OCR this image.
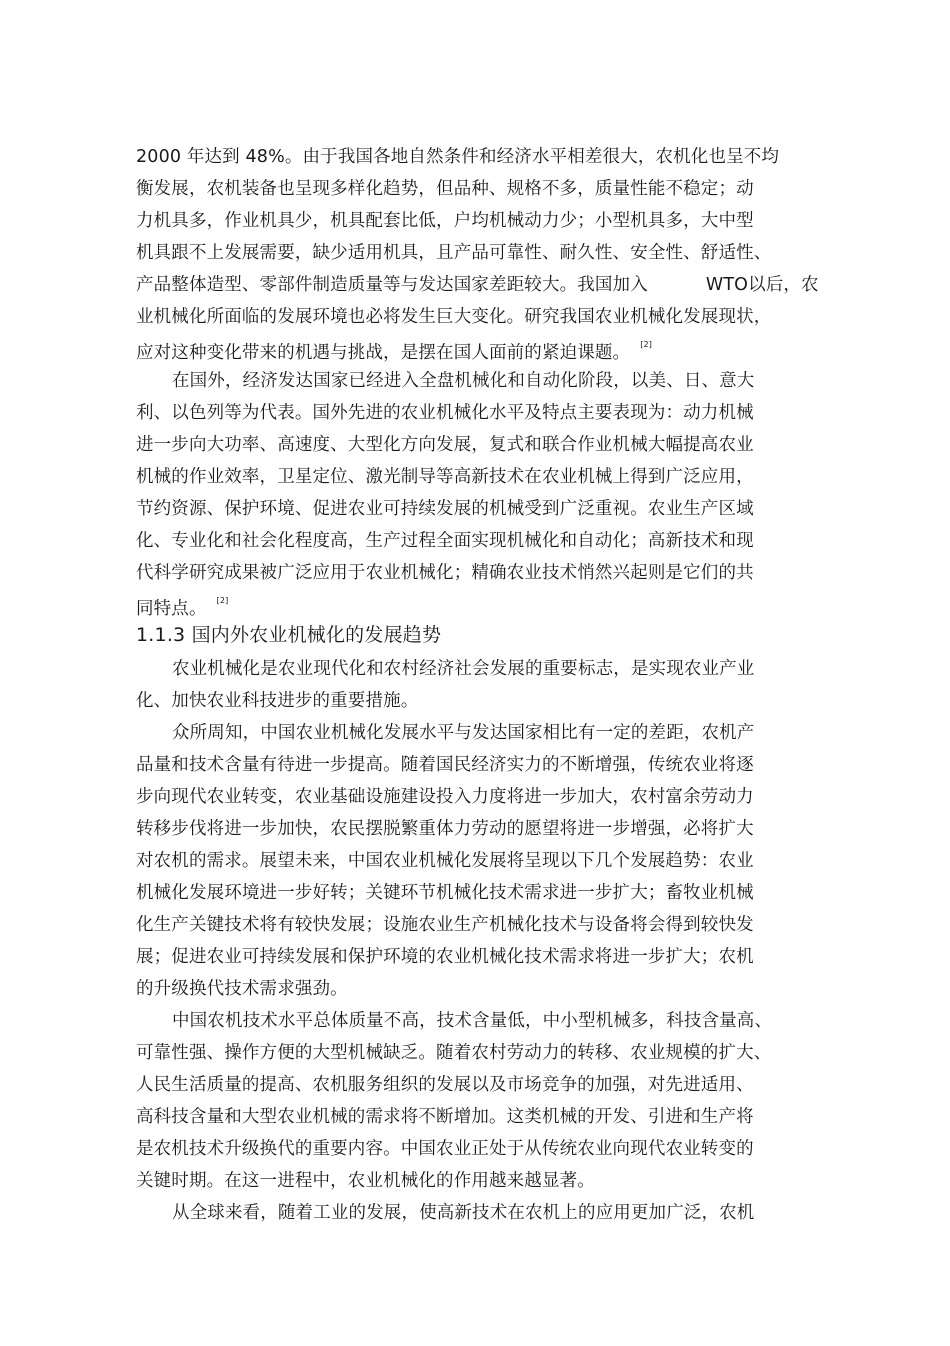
2000 年达到 48%。由于我国各地自然条件和经济水平相差很大，农机化也呈不均
衡发展，农机装备也呈现多样化趋势，但品种、规格不多，质量性能不稳定；动
力机具多，作业机具少，机具配套比低，户均机械动力少；小型机具多，大中型
机具跟不上发展需要，缺少适用机具，且产品可靠性、耐久性、安全性、舒适性、
产品整体造型、零部件制造质量等与发达国家差距较大。我国加入	WTO以后，农
业机械化所面临的发展环境也必将发生巨大变化。研究我国农业机械化发展现状，
应对这种变化带来的机遇与挑战，是摆在国人面前的紧迫课题。 [2]
在国外，经济发达国家已经进入全盘机械化和自动化阶段，以美、日、意大
利、以色列等为代表。国外先进的农业机械化水平及特点主要表现为：动力机械
进一步向大功率、高速度、大型化方向发展，复式和联合作业机械大幅提高农业
机械的作业效率，卫星定位、激光制导等高新技术在农业机械上得到广泛应用，
节约资源、保护环境、促进农业可持续发展的机械受到广泛重视。农业生产区域
化、专业化和社会化程度高，生产过程全面实现机械化和自动化；高新技术和现
代科学研究成果被广泛应用于农业机械化；精确农业技术悄然兴起则是它们的共
同特点。 [2]
1.1.3 国内外农业机械化的发展趋势
农业机械化是农业现代化和农村经济社会发展的重要标志，是实现农业产业
化、加快农业科技进步的重要措施。
众所周知，中国农业机械化发展水平与发达国家相比有一定的差距，农机产
品量和技术含量有待进一步提高。随着国民经济实力的不断增强，传统农业将逐
步向现代农业转变，农业基础设施建设投入力度将进一步加大，农村富余劳动力
转移步伐将进一步加快，农民摆脱繁重体力劳动的愿望将进一步增强，必将扩大
对农机的需求。展望未来，中国农业机械化发展将呈现以下几个发展趋势：农业
机械化发展环境进一步好转；关键环节机械化技术需求进一步扩大；畜牧业机械
化生产关键技术将有较快发展；设施农业生产机械化技术与设备将会得到较快发
展；促进农业可持续发展和保护环境的农业机械化技术需求将进一步扩大；农机
的升级换代技术需求强劲。
中国农机技术水平总体质量不高，技术含量低，中小型机械多，科技含量高、
可靠性强、操作方便的大型机械缺乏。随着农村劳动力的转移、农业规模的扩大、
人民生活质量的提高、农机服务组织的发展以及市场竞争的加强，对先进适用、
高科技含量和大型农业机械的需求将不断增加。这类机械的开发、引进和生产将
是农机技术升级换代的重要内容。中国农业正处于从传统农业向现代农业转变的
关键时期。在这一进程中，农业机械化的作用越来越显著。
从全球来看，随着工业的发展，使高新技术在农机上的应用更加广泛，农机
